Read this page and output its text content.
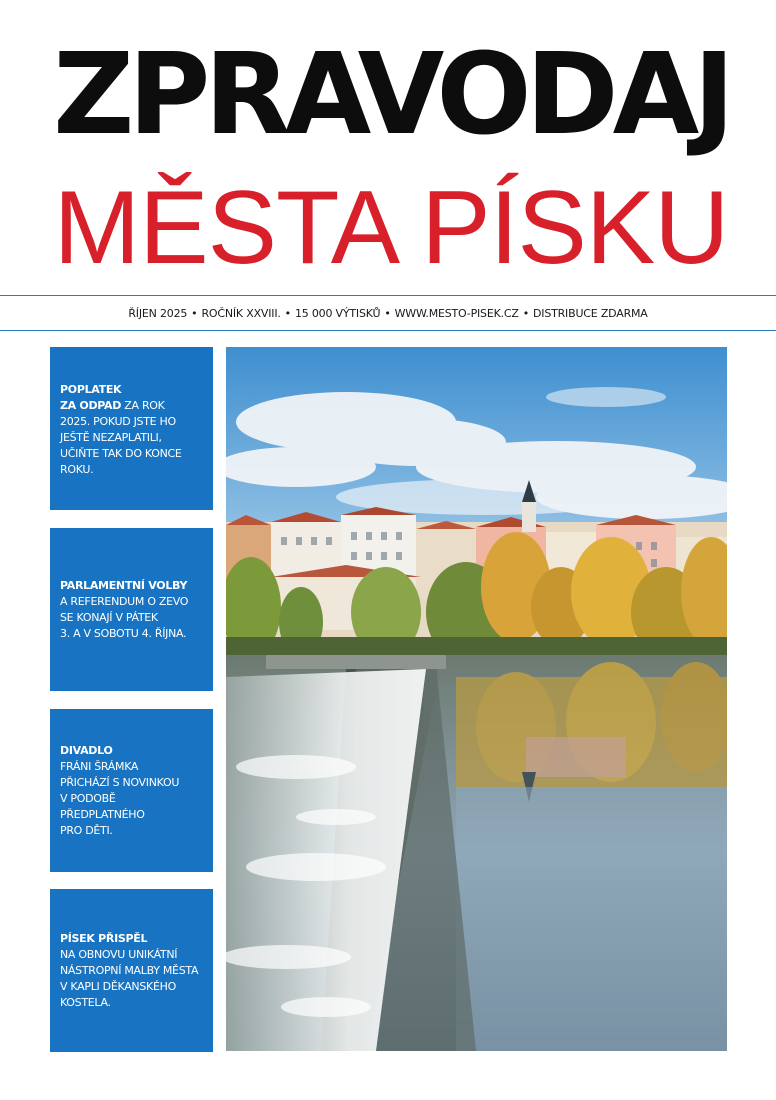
ZPRAVODAJ
MĚSTA PÍSKU
ŘÍJEN 2025 • ROČNÍK XXVIII. • 15 000 VÝTISKŮ • WWW.MESTO-PISEK.CZ • DISTRIBUCE ZDARMA
POPLATEK
ZA ODPAD ZA ROK
2025. POKUD JSTE HO
JEŠTĚ NEZAPLATILI,
UČIŇTE TAK DO KONCE
ROKU.
PARLAMENTNÍ VOLBY
A REFERENDUM O ZEVO
SE KONAJÍ V PÁTEK
3. A V SOBOTU 4. ŘÍJNA.
DIVADLO
FRÁNI ŠRÁMKA
PŘICHÁZÍ S NOVINKOU
V PODOBĚ
PŘEDPLATNÉHO
PRO DĚTI.
PÍSEK PŘISPĚL
NA OBNOVU UNIKÁTNÍ
NÁSTROPNÍ MALBY MĚSTA
V KAPLI DĚKANSKÉHO
KOSTELA.
